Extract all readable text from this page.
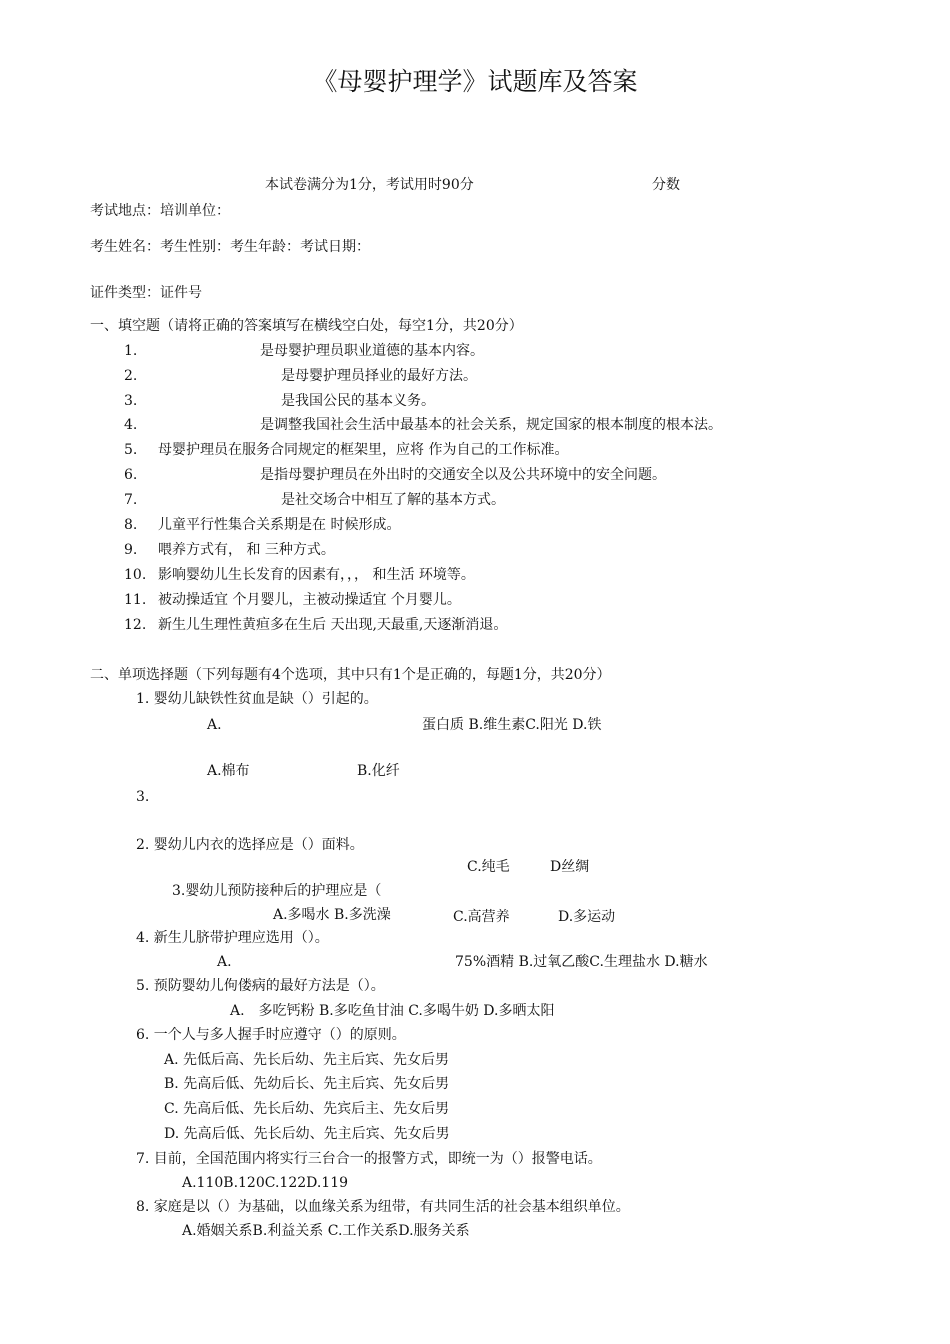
《母婴护理学》试题库及答案
本试卷满分为1分，考试用时90分	分数
考试地点：培训单位：
考生姓名：考生性别：考生年龄：考试日期：
证件类型：证件号
一、填空题（请将正确的答案填写在横线空白处，每空1分，共20分）
1.	是母婴护理员职业道德的基本内容。
2.	是母婴护理员择业的最好方法。
3.	是我国公民的基本义务。
4.	是调整我国社会生活中最基本的社会关系，规定国家的根本制度的根本法。
5. 母婴护理员在服务合同规定的框架里，应将 作为自己的工作标准。
6.	是指母婴护理员在外出时的交通安全以及公共环境中的安全问题。
7.	是社交场合中相互了解的基本方式。
8. 儿童平行性集合关系期是在 时候形成。
9. 喂养方式有， 和 三种方式。
10. 影响婴幼儿生长发育的因素有，，， 和生活 环境等。
11. 被动操适宜 个月婴儿，主被动操适宜 个月婴儿。
12. 新生儿生理性黄疸多在生后 天出现,天最重,天逐渐消退。
二、单项选择题（下列每题有4个选项，其中只有1个是正确的，每题1分，共20分）
1. 婴幼儿缺铁性贫血是缺（）引起的。
A.	蛋白质 B.维生素C.阳光 D.铁
A.棉布	B.化纤
3.
2. 婴幼儿内衣的选择应是（）面料。
C.纯毛	D丝绸
3.婴幼儿预防接种后的护理应是（
A.多喝水 B.多洗澡	C.高营养	D.多运动
4. 新生儿脐带护理应选用（）。
A.	75%酒精 B.过氧乙酸C.生理盐水 D.糖水
5. 预防婴幼儿佝偻病的最好方法是（）。
A.　多吃钙粉 B.多吃鱼甘油 C.多喝牛奶 D.多晒太阳
6. 一个人与多人握手时应遵守（）的原则。
A. 先低后高、先长后幼、先主后宾、先女后男
B. 先高后低、先幼后长、先主后宾、先女后男
C. 先高后低、先长后幼、先宾后主、先女后男
D. 先高后低、先长后幼、先主后宾、先女后男
7. 目前，全国范围内将实行三台合一的报警方式，即统一为（）报警电话。
A.110B.120C.122D.119
8. 家庭是以（）为基础，以血缘关系为纽带，有共同生活的社会基本组织单位。
A.婚姻关系B.利益关系 C.工作关系D.服务关系
